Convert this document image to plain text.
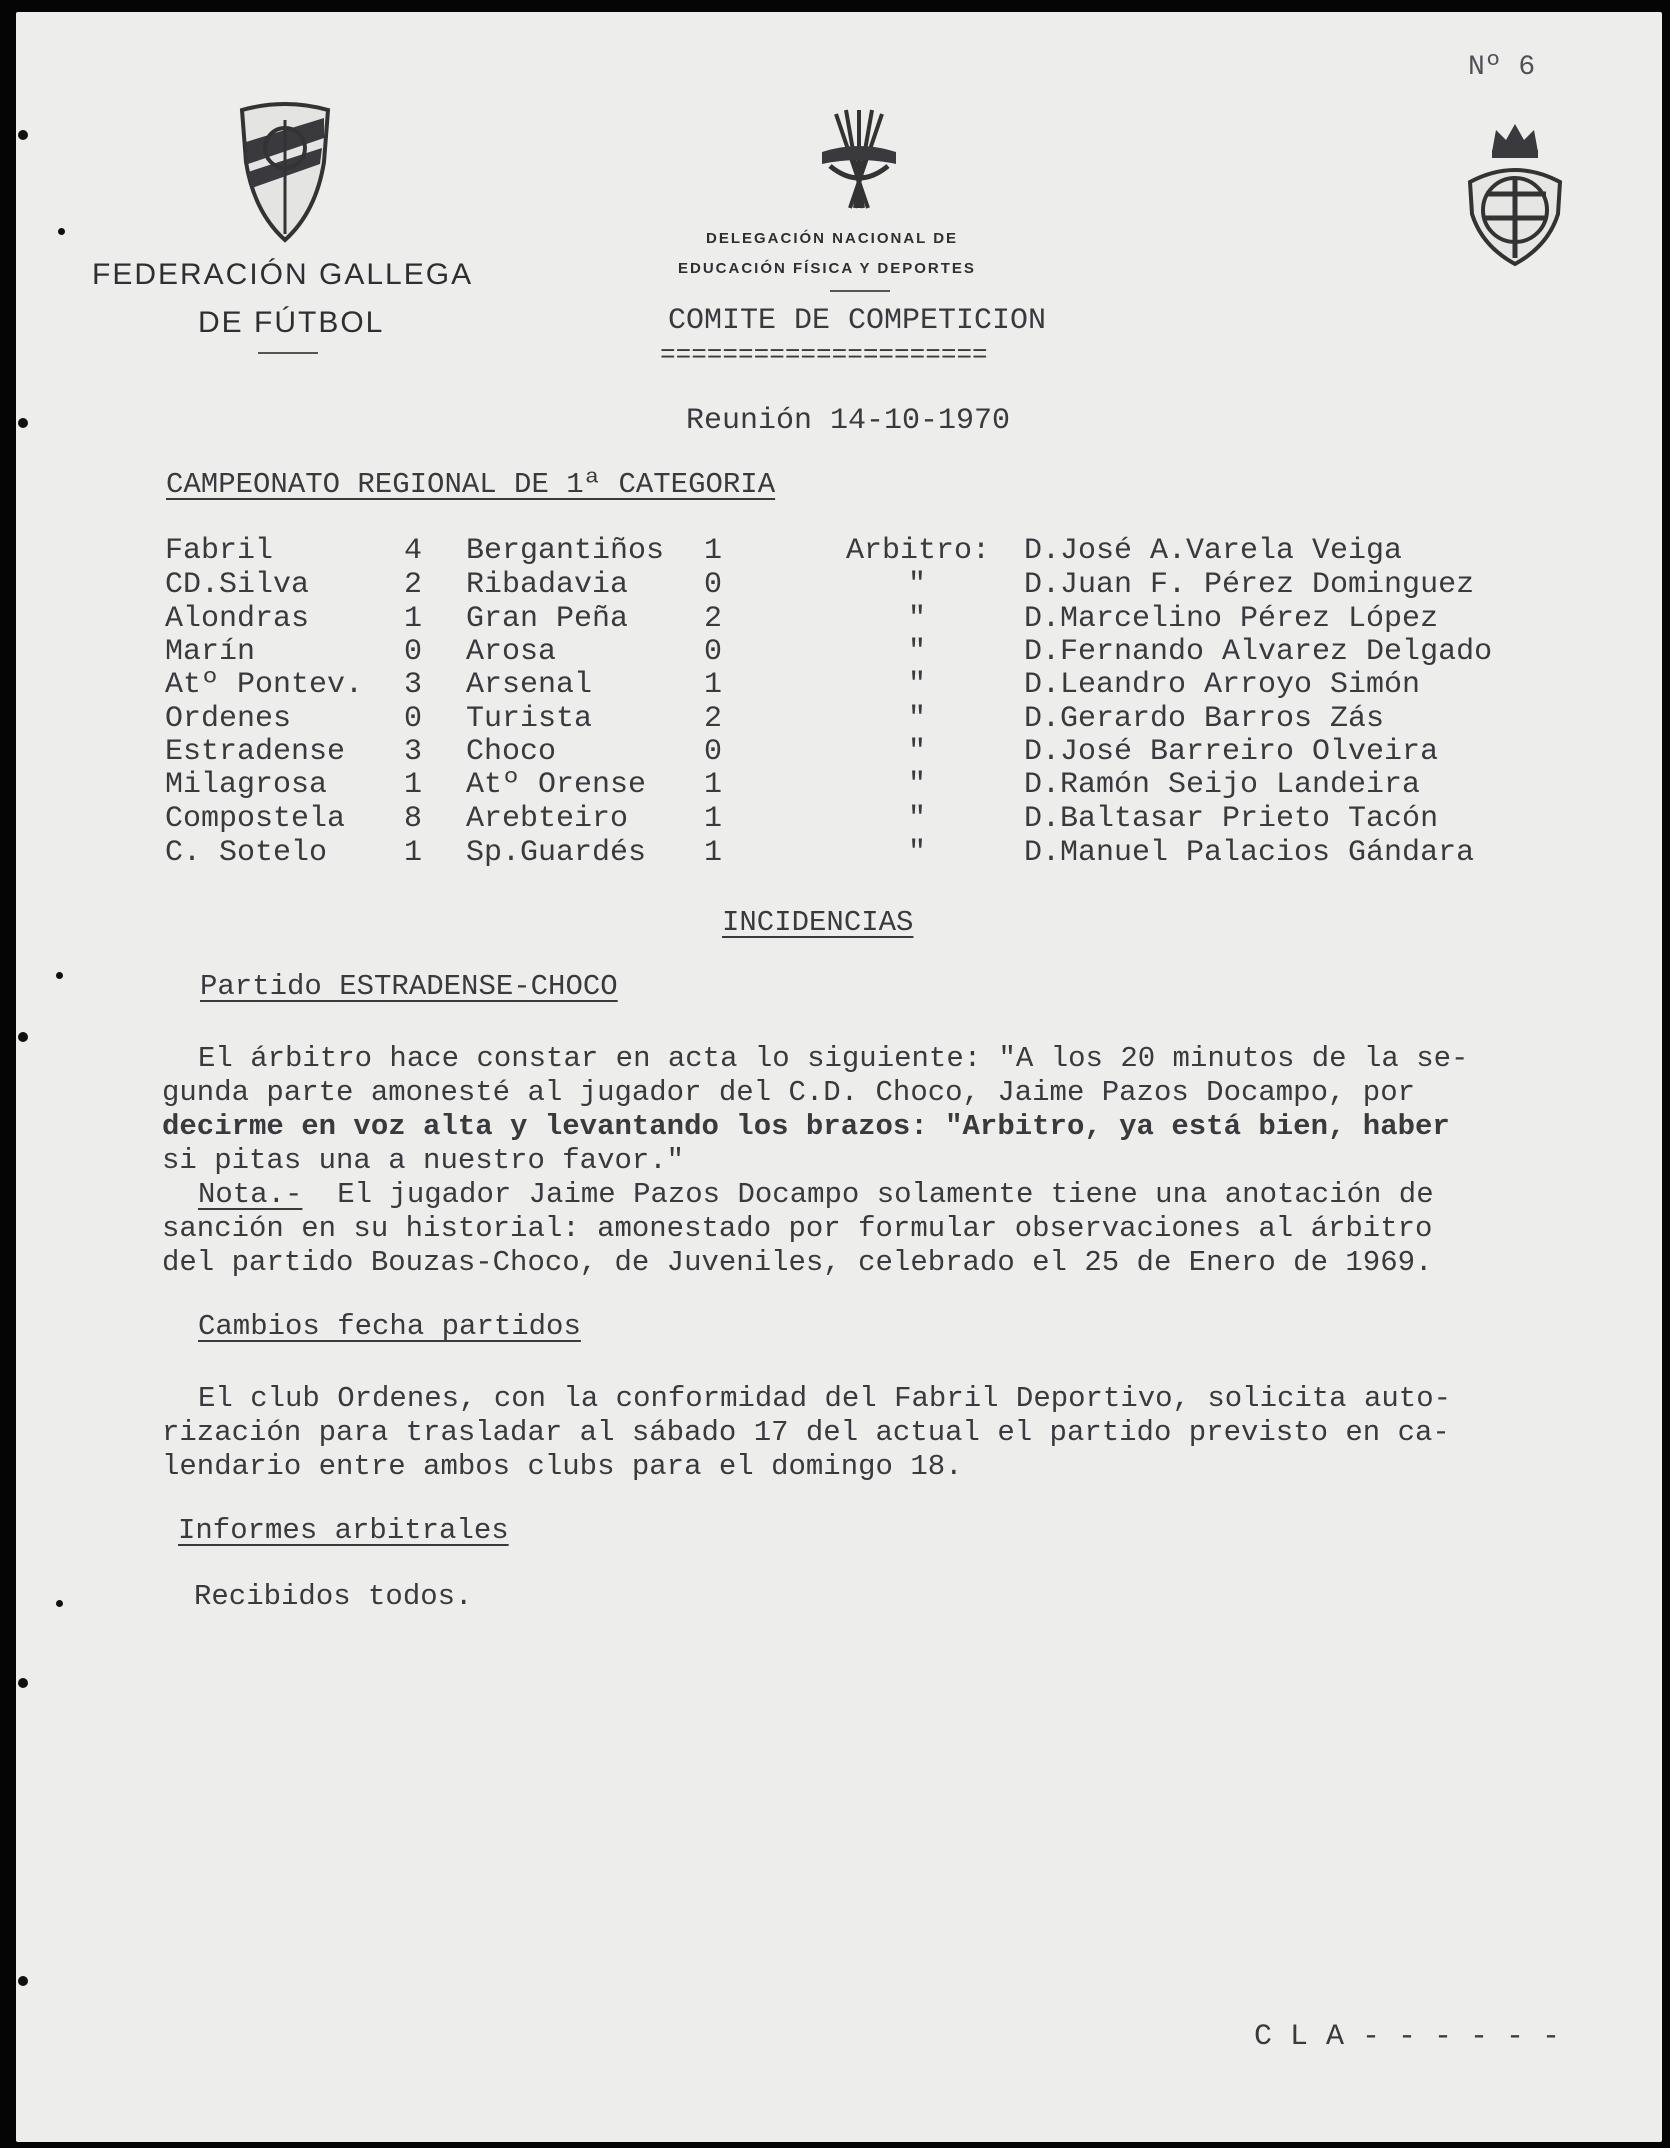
Nº 6
FEDERACIÓN GALLEGA
DE FÚTBOL
DELEGACIÓN NACIONAL DE
EDUCACIÓN FÍSICA Y DEPORTES
COMITE DE COMPETICION
=====================
Reunión 14-10-1970
CAMPEONATO REGIONAL DE 1ª CATEGORIA
Fabril	4 Bergantiños 1	Arbitro: D.José A.Varela Veiga
CD.Silva	2 Ribadavia	0	"	D.Juan F. Pérez Dominguez
Alondras	1 Gran Peña	2	"	D.Marcelino Pérez López
Marín	0 Arosa	0	"	D.Fernando Alvarez Delgado
Atº Pontev. 3 Arsenal	1	"	D.Leandro Arroyo Simón
Ordenes	0 Turista	2	"	D.Gerardo Barros Zás
Estradense 3 Choco	0	"	D.José Barreiro Olveira
Milagrosa	1 Atº Orense 1	"	D.Ramón Seijo Landeira
Compostela 8 Arebteiro	1	"	D.Baltasar Prieto Tacón
C. Sotelo	1 Sp.Guardés 1	"	D.Manuel Palacios Gándara
INCIDENCIAS
Partido ESTRADENSE-CHOCO
El árbitro hace constar en acta lo siguiente: "A los 20 minutos de la se-
gunda parte amonesté al jugador del C.D. Choco, Jaime Pazos Docampo, por
decirme en voz alta y levantando los brazos: "Arbitro, ya está bien, haber
si pitas una a nuestro favor."
Nota.-  El jugador Jaime Pazos Docampo solamente tiene una anotación de
sanción en su historial: amonestado por formular observaciones al árbitro
del partido Bouzas-Choco, de Juveniles, celebrado el 25 de Enero de 1969.
Cambios fecha partidos
El club Ordenes, con la conformidad del Fabril Deportivo, solicita auto-
rización para trasladar al sábado 17 del actual el partido previsto en ca-
lendario entre ambos clubs para el domingo 18.
Informes arbitrales
Recibidos todos.
C L A - - - - - -
